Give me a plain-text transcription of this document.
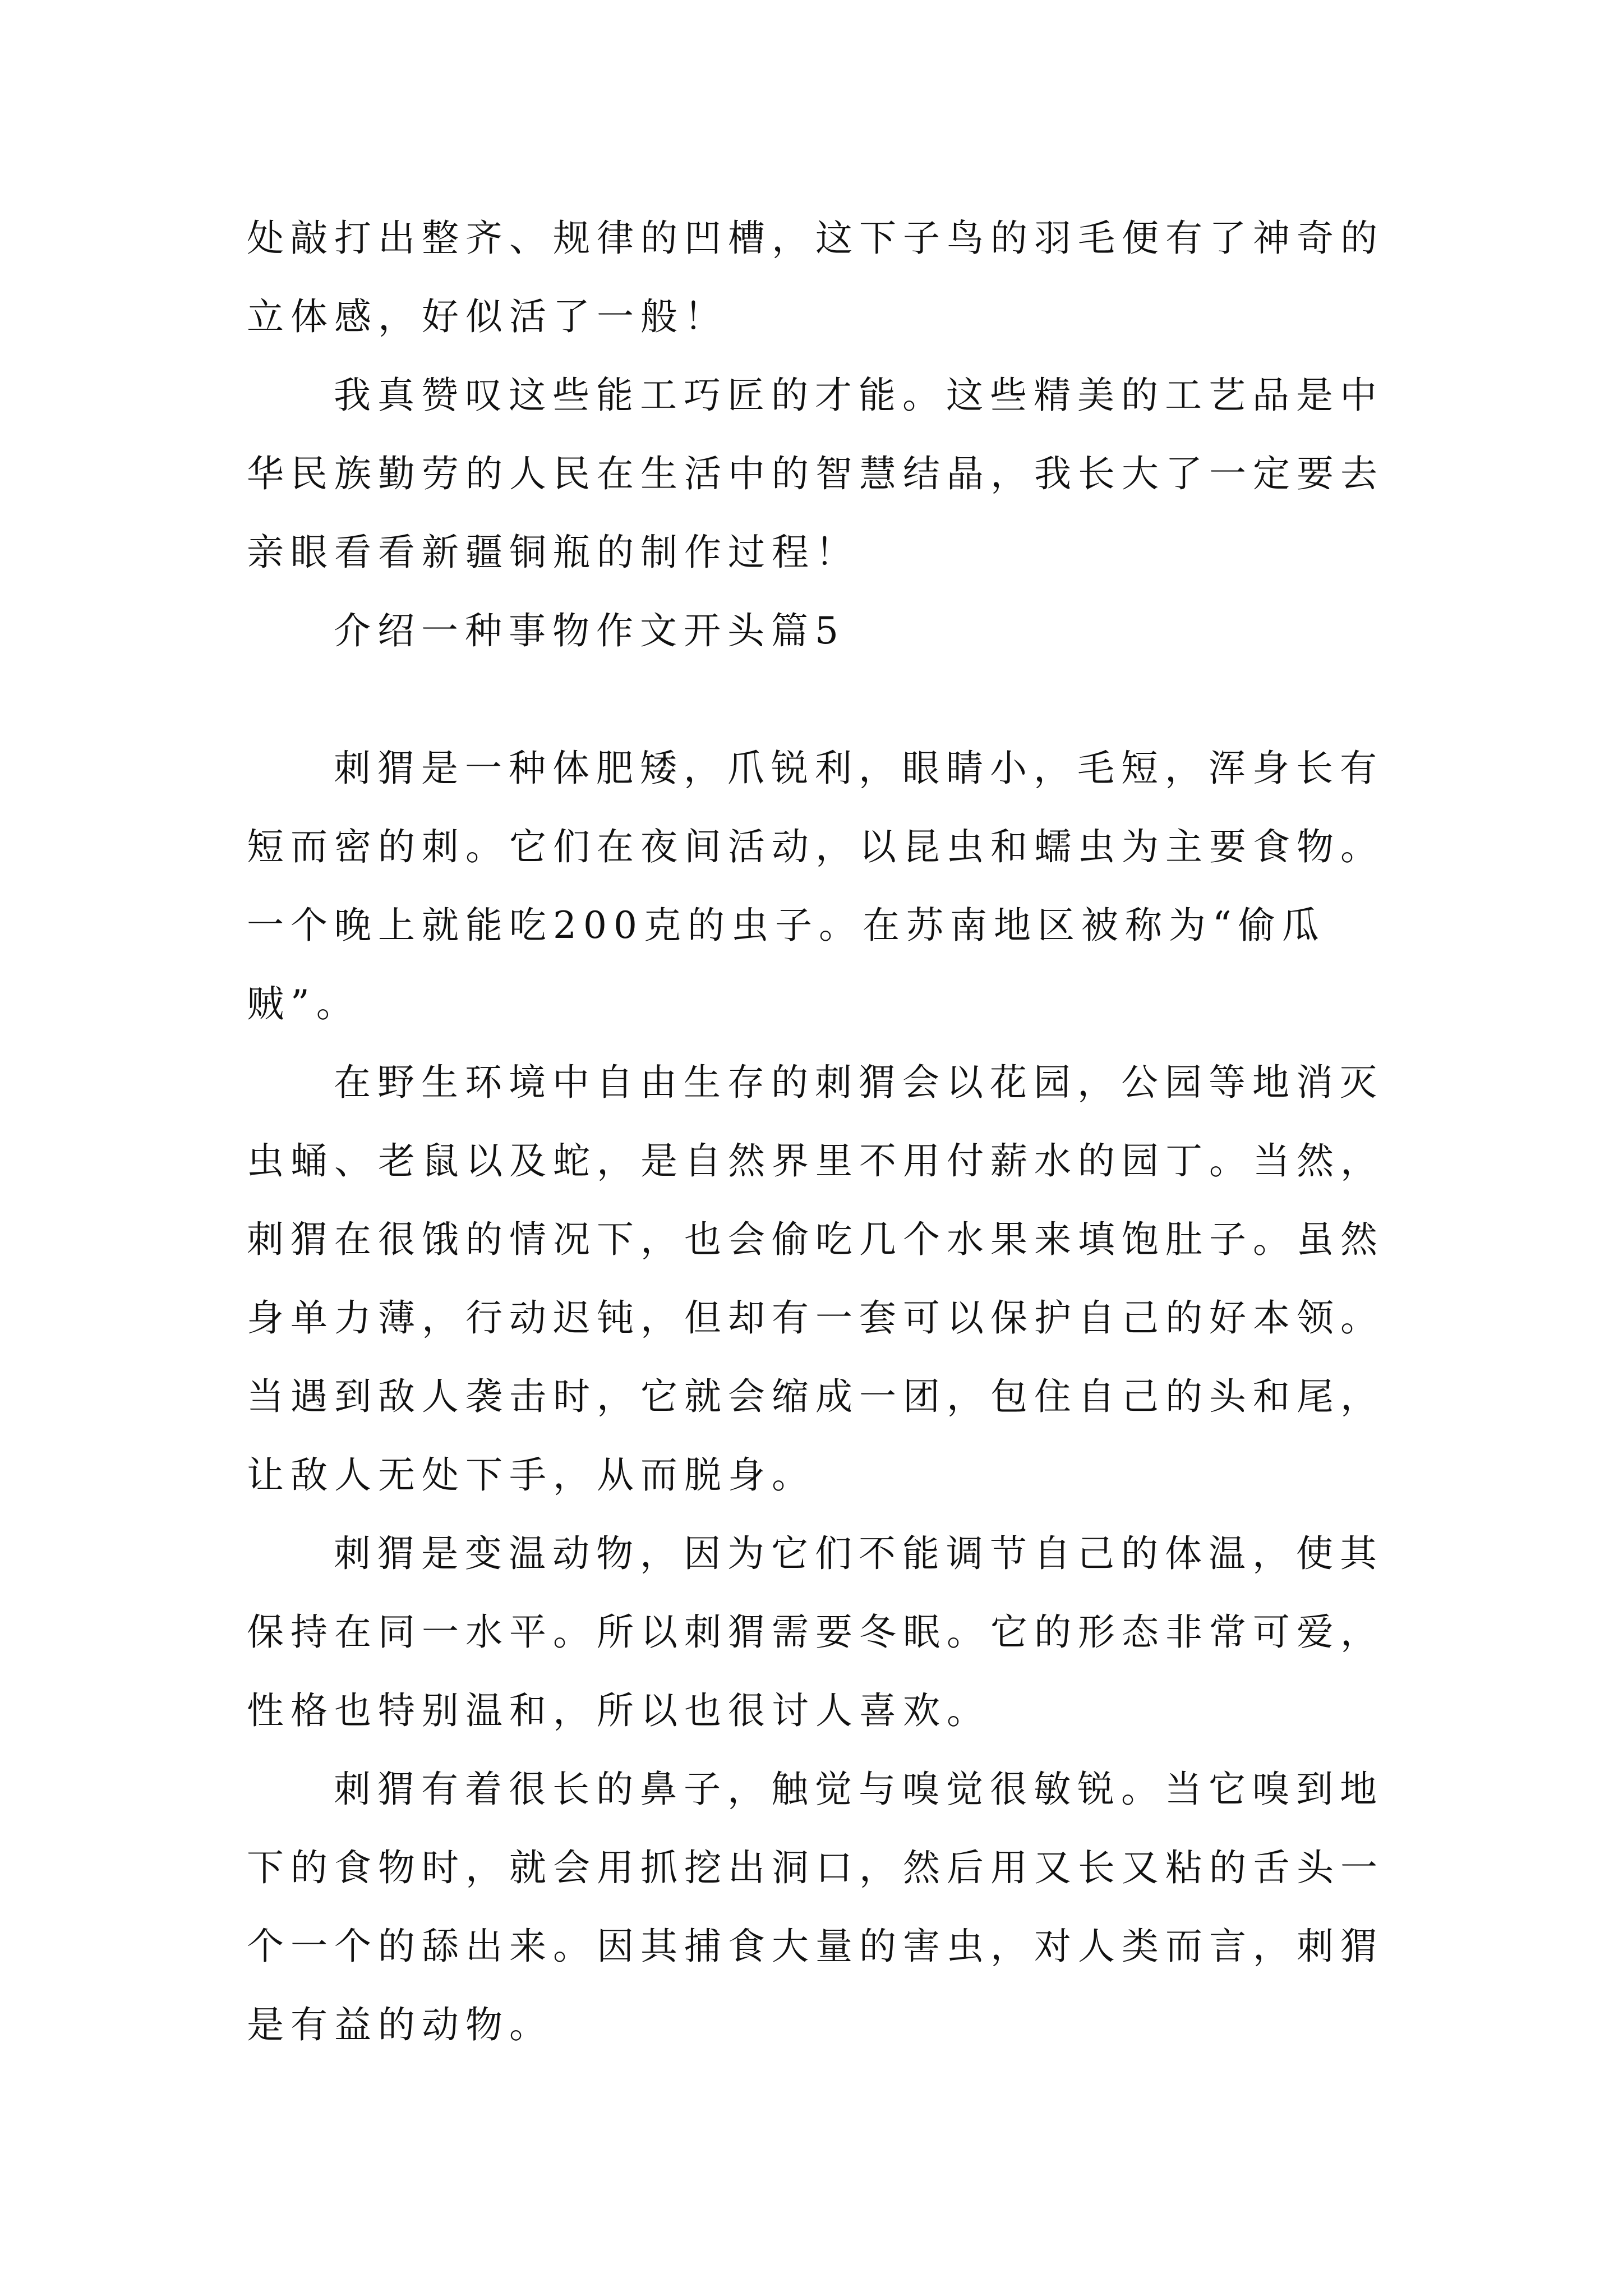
处敲打出整齐、规律的凹槽，这下子鸟的羽毛便有了神奇的
立体感，好似活了一般！
我真赞叹这些能工巧匠的才能。这些精美的工艺品是中
华民族勤劳的人民在生活中的智慧结晶，我长大了一定要去
亲眼看看新疆铜瓶的制作过程！
介绍一种事物作文开头篇5
刺猬是一种体肥矮，爪锐利，眼睛小，毛短，浑身长有
短而密的刺。它们在夜间活动，以昆虫和蠕虫为主要食物。
一个晚上就能吃200克的虫子。在苏南地区被称为“偷瓜
贼”。
在野生环境中自由生存的刺猬会以花园，公园等地消灭
虫蛹、老鼠以及蛇，是自然界里不用付薪水的园丁。当然，
刺猬在很饿的情况下，也会偷吃几个水果来填饱肚子。虽然
身单力薄，行动迟钝，但却有一套可以保护自己的好本领。
当遇到敌人袭击时，它就会缩成一团，包住自己的头和尾，
让敌人无处下手，从而脱身。
刺猬是变温动物，因为它们不能调节自己的体温，使其
保持在同一水平。所以刺猬需要冬眠。它的形态非常可爱，
性格也特别温和，所以也很讨人喜欢。
刺猬有着很长的鼻子，触觉与嗅觉很敏锐。当它嗅到地
下的食物时，就会用抓挖出洞口，然后用又长又粘的舌头一
个一个的舔出来。因其捕食大量的害虫，对人类而言，刺猬
是有益的动物。
